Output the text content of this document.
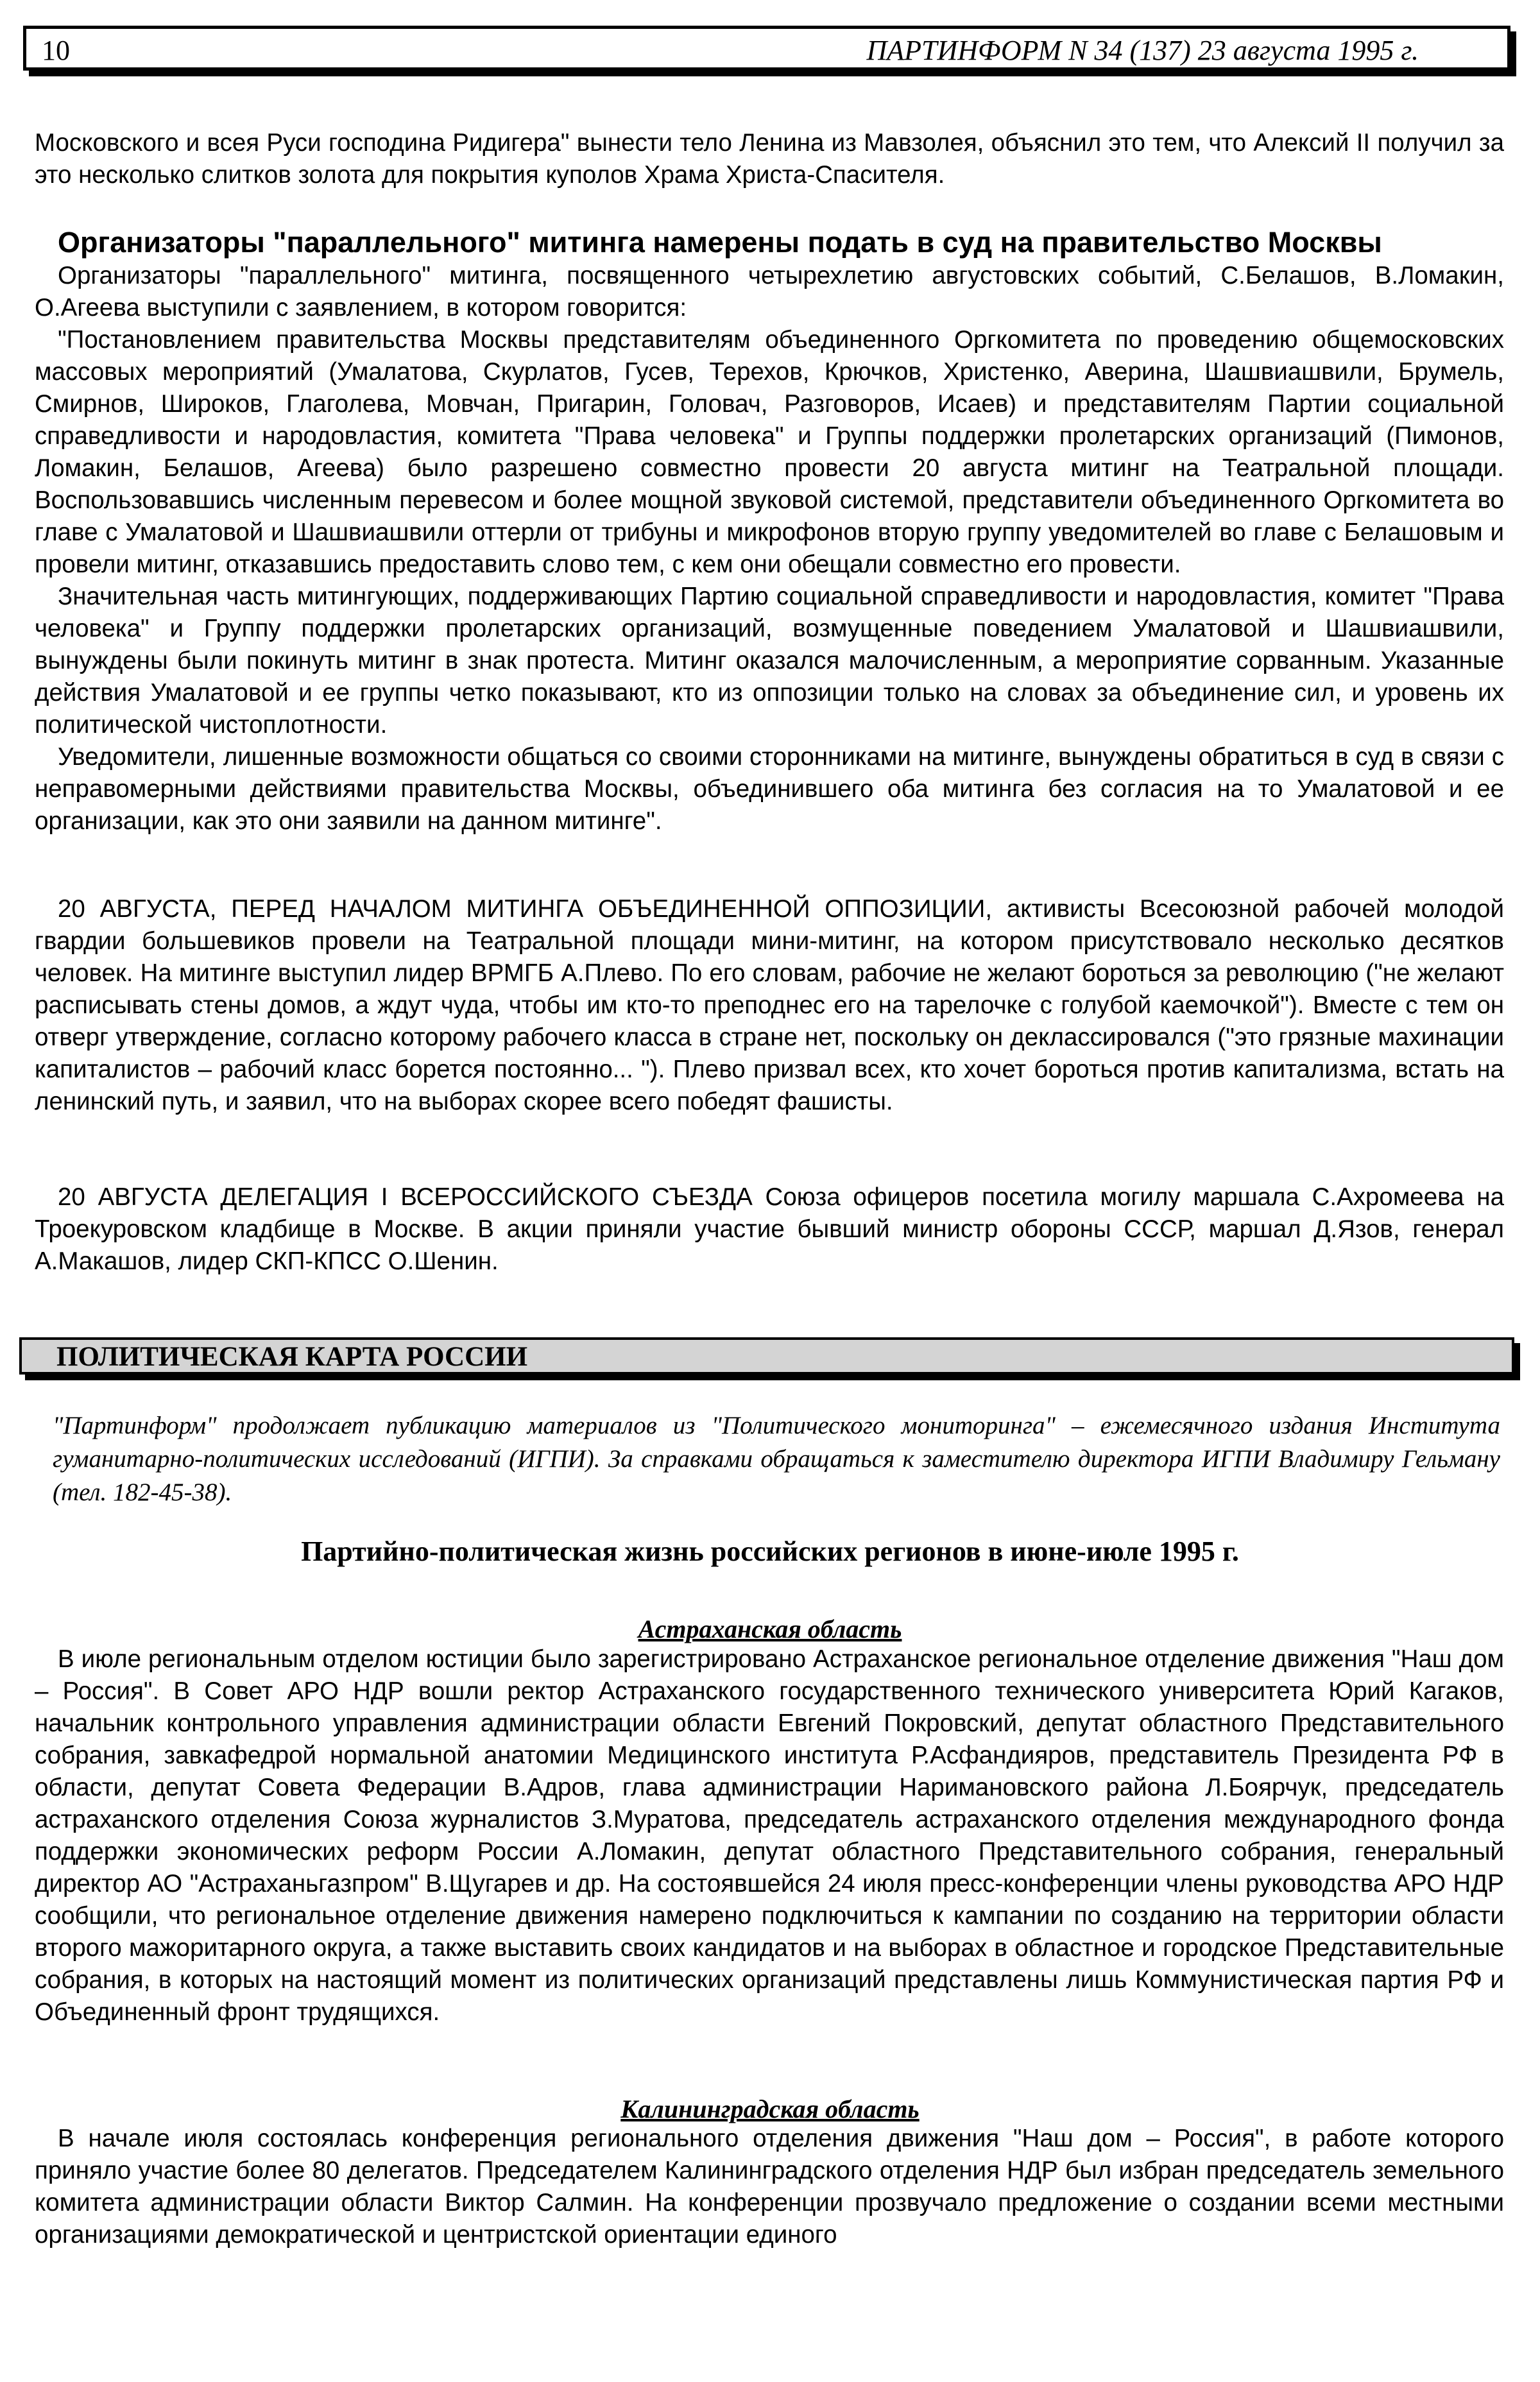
10	ПАРТИНФОРМ N 34 (137) 23 августа 1995 г.

Московского и всея Руси господина Ридигера" вынести тело Ленина из Мавзолея, объяснил это тем, что Алексий II получил за это несколько слитков золота для покрытия куполов Храма Христа-Спасителя.

Организаторы "параллельного" митинга намерены подать в суд на правительство Москвы

Организаторы "параллельного" митинга, посвященного четырехлетию августовских событий, С.Белашов, В.Ломакин, О.Агеева выступили с заявлением, в котором говорится:

"Постановлением правительства Москвы представителям объединенного Оргкомитета по проведению общемосковских массовых мероприятий (Умалатова, Скурлатов, Гусев, Терехов, Крючков, Христенко, Аверина, Шашвиашвили, Брумель, Смирнов, Широков, Глаголева, Мовчан, Пригарин, Головач, Разговоров, Исаев) и представителям Партии социальной справедливости и народовластия, комитета "Права человека" и Группы поддержки пролетарских организаций (Пимонов, Ломакин, Белашов, Агеева) было разрешено совместно провести 20 августа митинг на Театральной площади. Воспользовавшись численным перевесом и более мощной звуковой системой, представители объединенного Оргкомитета во главе с Умалатовой и Шашвиашвили оттерли от трибуны и микрофонов вторую группу уведомителей во главе с Белашовым и провели митинг, отказавшись предоставить слово тем, с кем они обещали совместно его провести.

Значительная часть митингующих, поддерживающих Партию социальной справедливости и народовластия, комитет "Права человека" и Группу поддержки пролетарских организаций, возмущенные поведением Умалатовой и Шашвиашвили, вынуждены были покинуть митинг в знак протеста. Митинг оказался малочисленным, а мероприятие сорванным. Указанные действия Умалатовой и ее группы четко показывают, кто из оппозиции только на словах за объединение сил, и уровень их политической чистоплотности.

Уведомители, лишенные возможности общаться со своими сторонниками на митинге, вынуждены обратиться в суд в связи с неправомерными действиями правительства Москвы, объединившего оба митинга без согласия на то Умалатовой и ее организации, как это они заявили на данном митинге".

20 АВГУСТА, ПЕРЕД НАЧАЛОМ МИТИНГА ОБЪЕДИНЕННОЙ ОППОЗИЦИИ, активисты Всесоюзной рабочей молодой гвардии большевиков провели на Театральной площади мини-митинг, на котором присутствовало несколько десятков человек. На митинге выступил лидер ВРМГБ А.Плево. По его словам, рабочие не желают бороться за революцию ("не желают расписывать стены домов, а ждут чуда, чтобы им кто-то преподнес его на тарелочке с голубой каемочкой"). Вместе с тем он отверг утверждение, согласно которому рабочего класса в стране нет, поскольку он деклассировался ("это грязные махинации капиталистов – рабочий класс борется постоянно... "). Плево призвал всех, кто хочет бороться против капитализма, встать на ленинский путь, и заявил, что на выборах скорее всего победят фашисты.

20 АВГУСТА ДЕЛЕГАЦИЯ I ВСЕРОССИЙСКОГО СЪЕЗДА Союза офицеров посетила могилу маршала С.Ахромеева на Троекуровском кладбище в Москве. В акции приняли участие бывший министр обороны СССР, маршал Д.Язов, генерал А.Макашов, лидер СКП-КПСС О.Шенин.

ПОЛИТИЧЕСКАЯ КАРТА РОССИИ

"Партинформ" продолжает публикацию материалов из "Политического мониторинга" – ежемесячного издания Института гуманитарно-политических исследований (ИГПИ). За справками обращаться к заместителю директора ИГПИ Владимиру Гельману (тел. 182-45-38).

Партийно-политическая жизнь российских регионов в июне-июле 1995 г.

Астраханская область

В июле региональным отделом юстиции было зарегистрировано Астраханское региональное отделение движения "Наш дом – Россия". В Совет АРО НДР вошли ректор Астраханского государственного технического университета Юрий Кагаков, начальник контрольного управления администрации области Евгений Покровский, депутат областного Представительного собрания, завкафедрой нормальной анатомии Медицинского института Р.Асфандияров, представитель Президента РФ в области, депутат Совета Федерации В.Адров, глава администрации Наримановского района Л.Боярчук, председатель астраханского отделения Союза журналистов З.Муратова, председатель астраханского отделения международного фонда поддержки экономических реформ России А.Ломакин, депутат областного Представительного собрания, генеральный директор АО "Астраханьгазпром" В.Щугарев и др. На состоявшейся 24 июля пресс-конференции члены руководства АРО НДР сообщили, что региональное отделение движения намерено подключиться к кампании по созданию на территории области второго мажоритарного округа, а также выставить своих кандидатов и на выборах в областное и городское Представительные собрания, в которых на настоящий момент из политических организаций представлены лишь Коммунистическая партия РФ и Объединенный фронт трудящихся.

Калининградская область

В начале июля состоялась конференция регионального отделения движения "Наш дом – Россия", в работе которого приняло участие более 80 делегатов. Председателем Калининградского отделения НДР был избран председатель земельного комитета администрации области Виктор Салмин. На конференции прозвучало предложение о создании всеми местными организациями демократической и центристской ориентации единого
